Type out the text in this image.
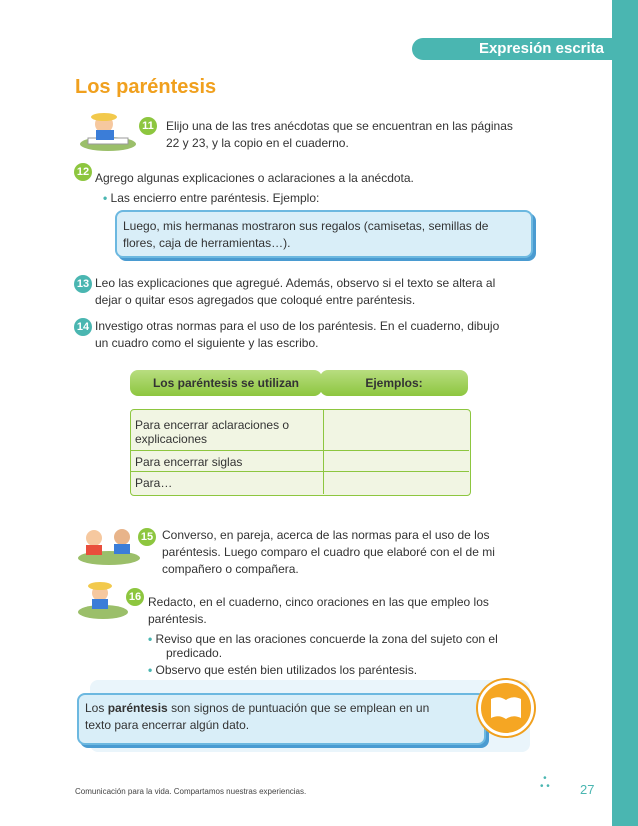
Expresión escrita
Los paréntesis
11 Elijo una de las tres anécdotas que se encuentran en las páginas
22 y 23, y la copio en el cuaderno.
12 Agrego algunas explicaciones o aclaraciones a la anécdota.
• Las encierro entre paréntesis. Ejemplo:
Luego, mis hermanas mostraron sus regalos (camisetas, semillas de
flores, caja de herramientas…).
13 Leo las explicaciones que agregué. Además, observo si el texto se altera al
dejar o quitar esos agregados que coloqué entre paréntesis.
14 Investigo otras normas para el uso de los paréntesis. En el cuaderno, dibujo
un cuadro como el siguiente y las escribo.
Los paréntesis se utilizan	Ejemplos:
Para encerrar aclaraciones o
explicaciones
Para encerrar siglas
Para…
15 Converso, en pareja, acerca de las normas para el uso de los
paréntesis. Luego comparo el cuadro que elaboré con el de mi
compañero o compañera.
16 Redacto, en el cuaderno, cinco oraciones en las que empleo los
paréntesis.
• Reviso que en las oraciones concuerde la zona del sujeto con el
predicado.
• Observo que estén bien utilizados los paréntesis.
Los paréntesis son signos de puntuación que se emplean en un
texto para encerrar algún dato.
Comunicación para la vida. Compartamos nuestras experiencias.
•
• • 27
